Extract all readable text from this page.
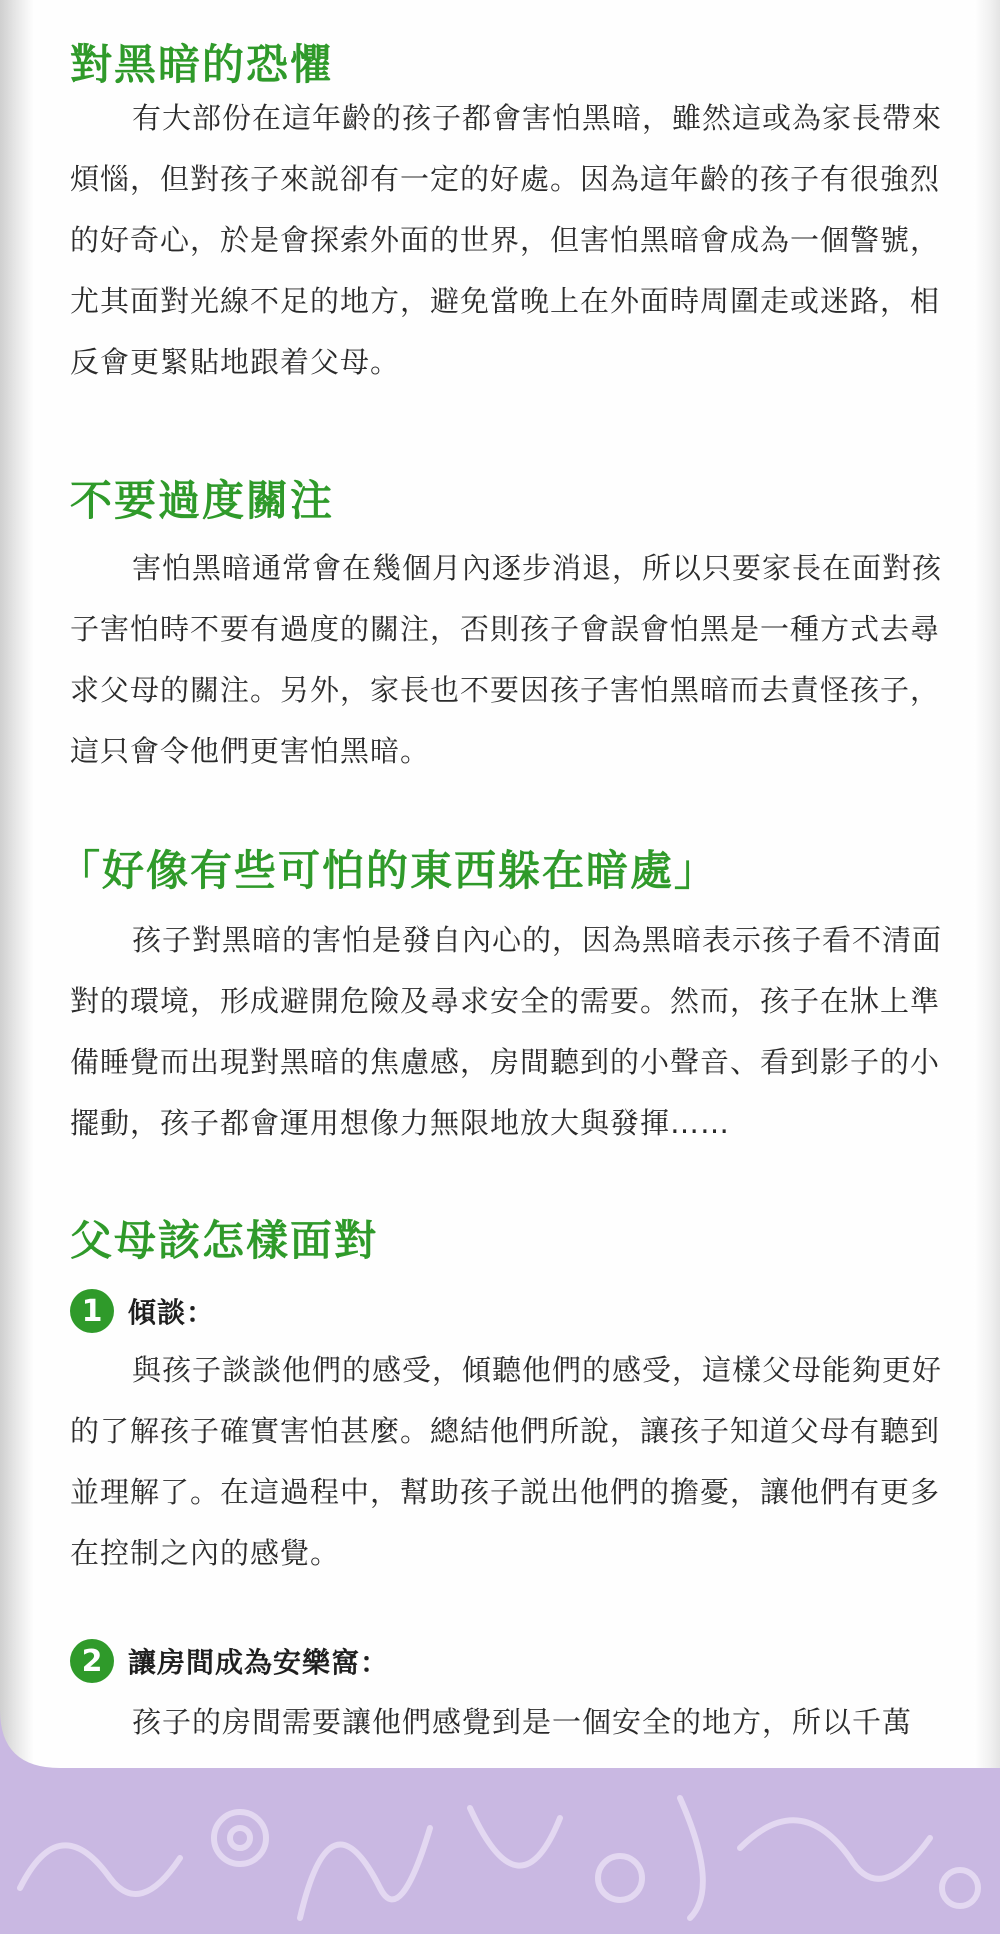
對黑暗的恐懼

有大部份在這年齡的孩子都會害怕黑暗，雖然這或為家長帶來煩惱，但對孩子來説卻有一定的好處。因為這年齡的孩子有很強烈的好奇心，於是會探索外面的世界，但害怕黑暗會成為一個警號，尤其面對光線不足的地方，避免當晚上在外面時周圍走或迷路，相反會更緊貼地跟着父母。

不要過度關注

害怕黑暗通常會在幾個月內逐步消退，所以只要家長在面對孩子害怕時不要有過度的關注，否則孩子會誤會怕黑是一種方式去尋求父母的關注。另外，家長也不要因孩子害怕黑暗而去責怪孩子，這只會令他們更害怕黑暗。

「好像有些可怕的東西躲在暗處」

孩子對黑暗的害怕是發自內心的，因為黑暗表示孩子看不清面對的環境，形成避開危險及尋求安全的需要。然而，孩子在牀上準備睡覺而出現對黑暗的焦慮感，房間聽到的小聲音、看到影子的小擺動，孩子都會運用想像力無限地放大與發揮……

父母該怎樣面對
1 傾談：

與孩子談談他們的感受，傾聽他們的感受，這樣父母能夠更好的了解孩子確實害怕甚麼。總結他們所說，讓孩子知道父母有聽到並理解了。在這過程中，幫助孩子説出他們的擔憂，讓他們有更多在控制之內的感覺。

2 讓房間成為安樂窩：

孩子的房間需要讓他們感覺到是一個安全的地方，所以千萬
